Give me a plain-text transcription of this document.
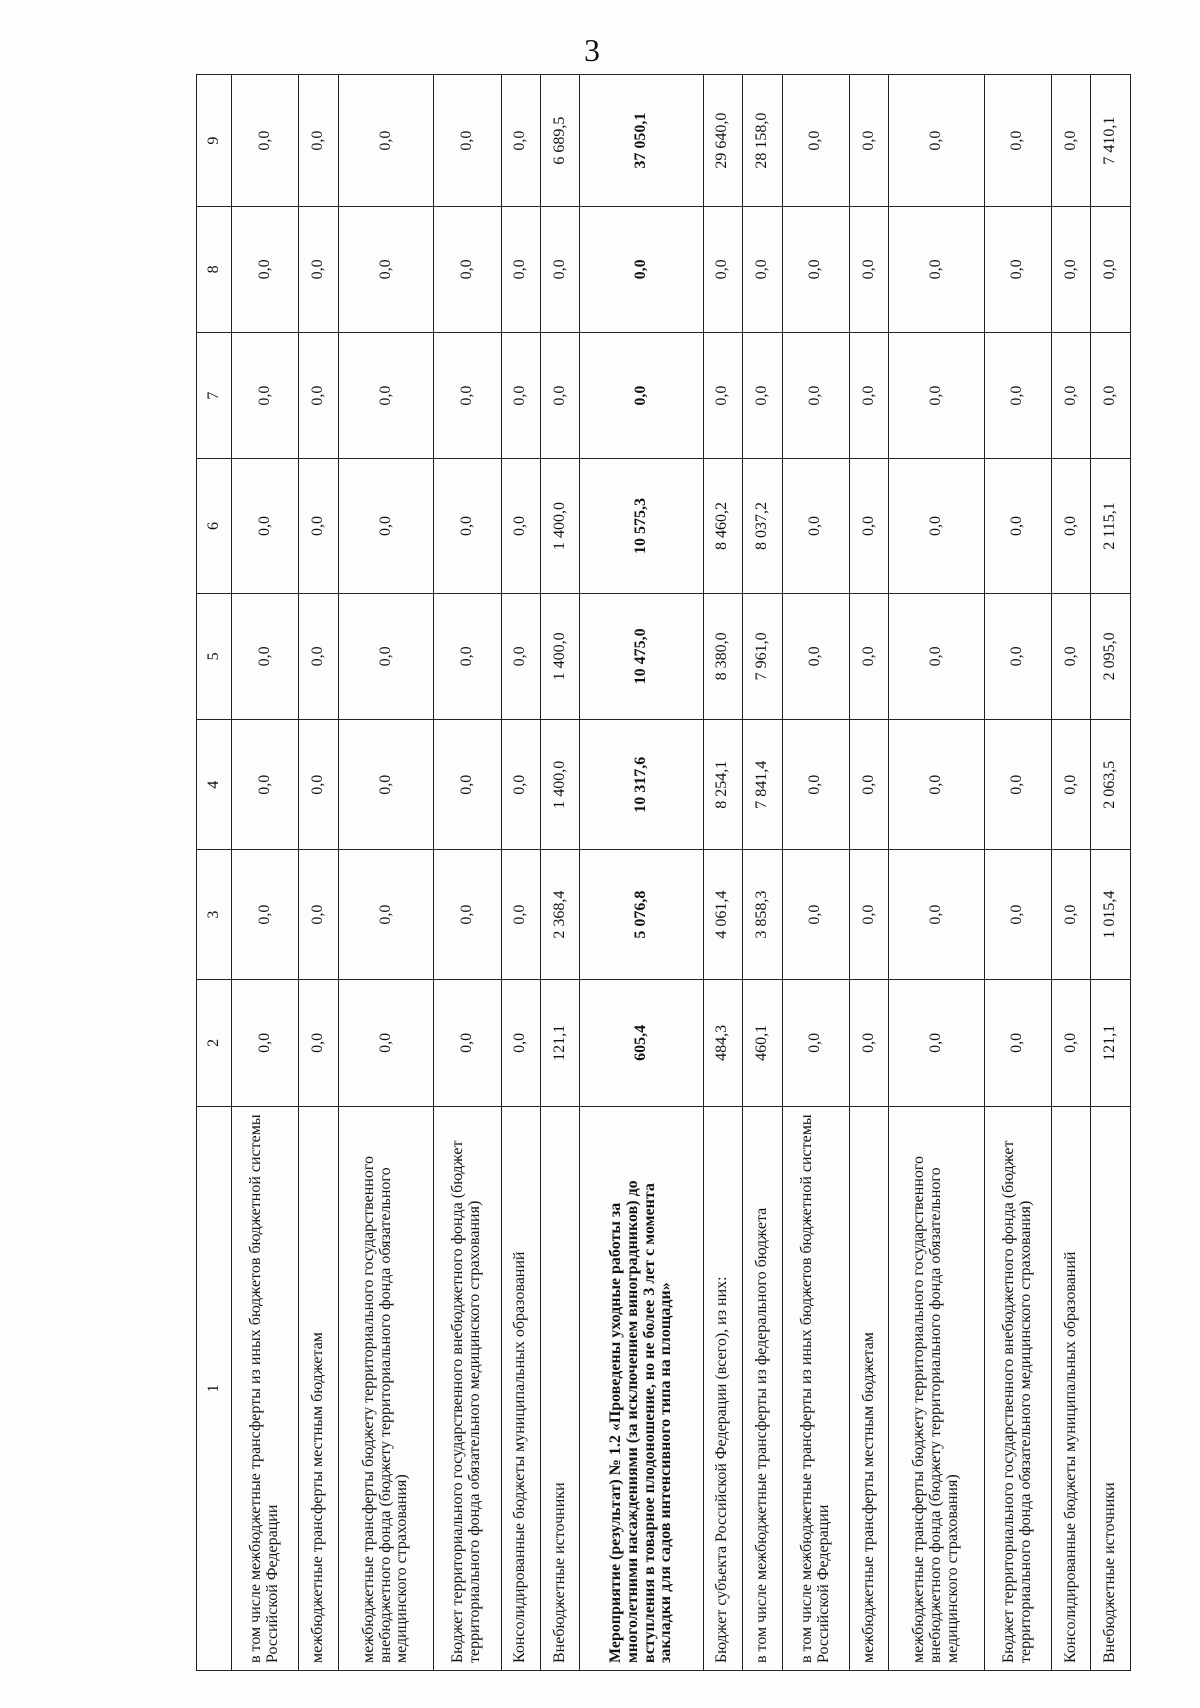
3
1	2	3	4	5	6	7	8	9
в том числе межбюджетные трансферты из иных бюджетов бюджетной системы Российской Федерации	0,0	0,0	0,0	0,0	0,0	0,0	0,0	0,0
межбюджетные трансферты местным бюджетам	0,0	0,0	0,0	0,0	0,0	0,0	0,0	0,0
межбюджетные трансферты бюджету территориального государственного внебюджетного фонда (бюджету территориального фонда обязательного медицинского страхования)	0,0	0,0	0,0	0,0	0,0	0,0	0,0	0,0
Бюджет территориального государственного внебюджетного фонда (бюджет территориального фонда обязательного медицинского страхования)	0,0	0,0	0,0	0,0	0,0	0,0	0,0	0,0
Консолидированные бюджеты муниципальных образований	0,0	0,0	0,0	0,0	0,0	0,0	0,0	0,0
Внебюджетные источники	121,1	2 368,4	1 400,0	1 400,0	1 400,0	0,0	0,0	6 689,5
Мероприятие (результат) № 1.2 «Проведены уходные работы за многолетними насаждениями (за исключением виноградников) до вступления в товарное плодоношение, но не более 3 лет с момента закладки для садов интенсивного типа на площади»	605,4	5 076,8	10 317,6	10 475,0	10 575,3	0,0	0,0	37 050,1
Бюджет субъекта Российской Федерации (всего), из них:	484,3	4 061,4	8 254,1	8 380,0	8 460,2	0,0	0,0	29 640,0
в том числе межбюджетные трансферты из федерального бюджета	460,1	3 858,3	7 841,4	7 961,0	8 037,2	0,0	0,0	28 158,0
в том числе межбюджетные трансферты из иных бюджетов бюджетной системы Российской Федерации	0,0	0,0	0,0	0,0	0,0	0,0	0,0	0,0
межбюджетные трансферты местным бюджетам	0,0	0,0	0,0	0,0	0,0	0,0	0,0	0,0
межбюджетные трансферты бюджету территориального государственного внебюджетного фонда (бюджету территориального фонда обязательного медицинского страхования)	0,0	0,0	0,0	0,0	0,0	0,0	0,0	0,0
Бюджет территориального государственного внебюджетного фонда (бюджет территориального фонда обязательного медицинского страхования)	0,0	0,0	0,0	0,0	0,0	0,0	0,0	0,0
Консолидированные бюджеты муниципальных образований	0,0	0,0	0,0	0,0	0,0	0,0	0,0	0,0
Внебюджетные источники	121,1	1 015,4	2 063,5	2 095,0	2 115,1	0,0	0,0	7 410,1
